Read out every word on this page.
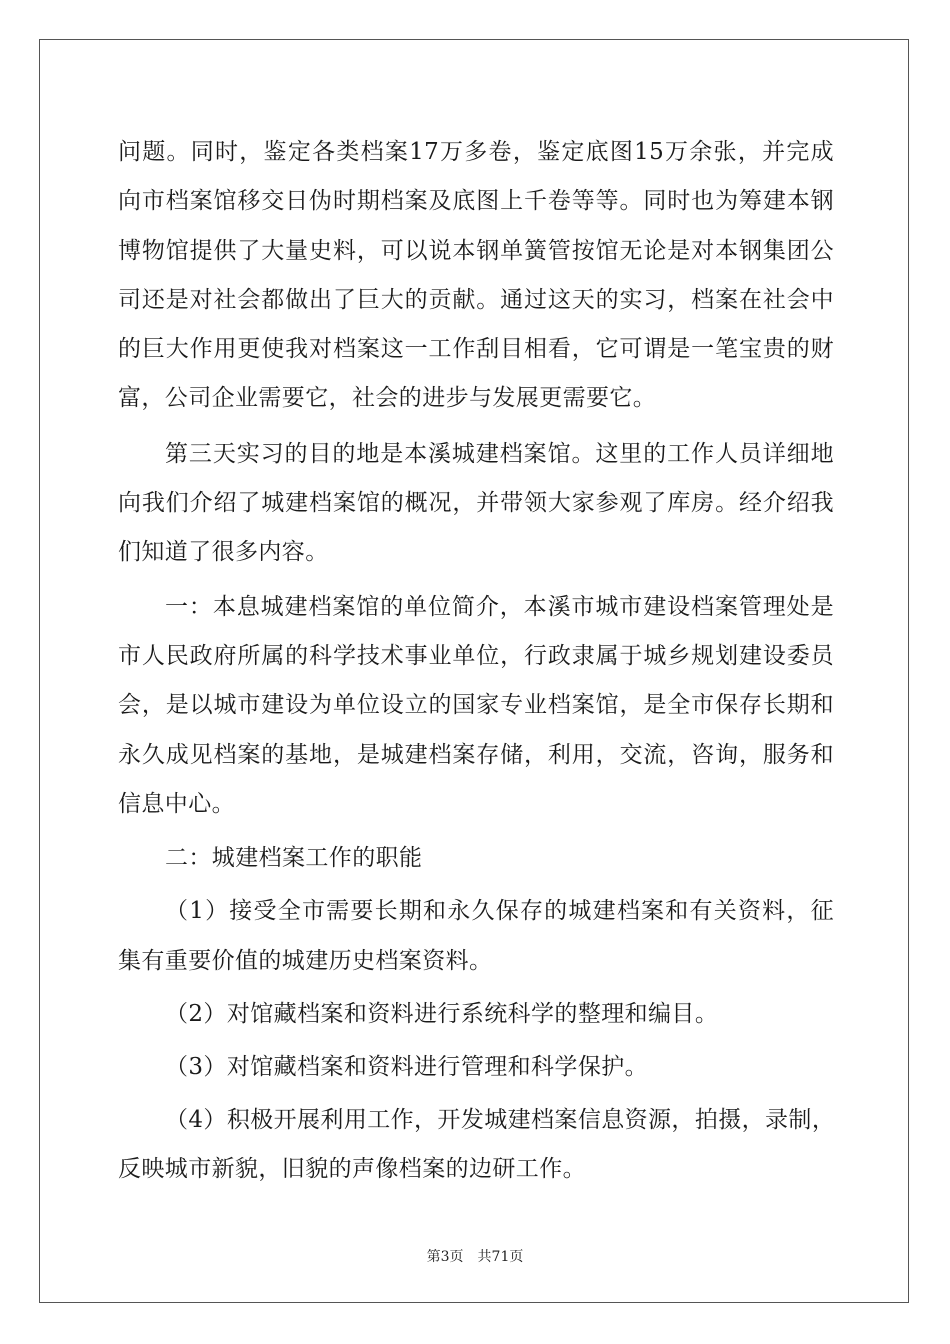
问题。同时，鉴定各类档案17万多卷，鉴定底图15万余张，并完成
向市档案馆移交日伪时期档案及底图上千卷等等。同时也为筹建本钢
博物馆提供了大量史料，可以说本钢单簧管按馆无论是对本钢集团公
司还是对社会都做出了巨大的贡献。通过这天的实习，档案在社会中
的巨大作用更使我对档案这一工作刮目相看，它可谓是一笔宝贵的财
富，公司企业需要它，社会的进步与发展更需要它。
第三天实习的目的地是本溪城建档案馆。这里的工作人员详细地
向我们介绍了城建档案馆的概况，并带领大家参观了库房。经介绍我
们知道了很多内容。
一：本息城建档案馆的单位简介，本溪市城市建设档案管理处是
市人民政府所属的科学技术事业单位，行政隶属于城乡规划建设委员
会，是以城市建设为单位设立的国家专业档案馆，是全市保存长期和
永久成见档案的基地，是城建档案存储，利用，交流，咨询，服务和
信息中心。
二：城建档案工作的职能
（1）接受全市需要长期和永久保存的城建档案和有关资料，征
集有重要价值的城建历史档案资料。
（2）对馆藏档案和资料进行系统科学的整理和编目。
（3）对馆藏档案和资料进行管理和科学保护。
（4）积极开展利用工作，开发城建档案信息资源，拍摄，录制，
反映城市新貌，旧貌的声像档案的边研工作。
第3页 共71页
